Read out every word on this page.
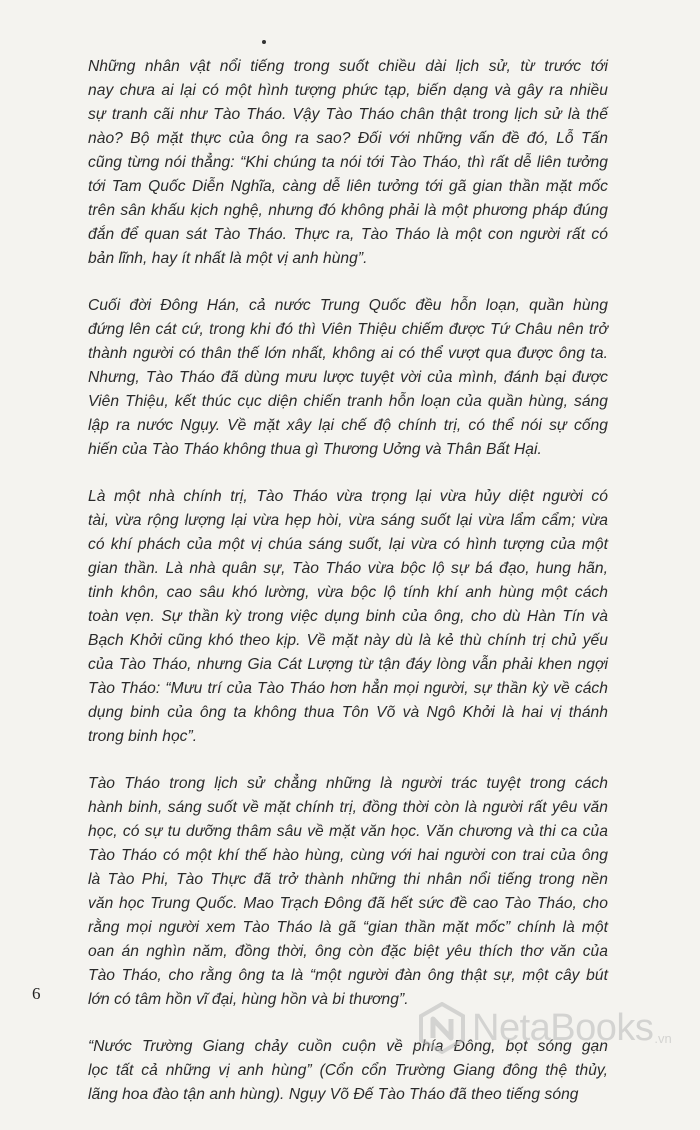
Những nhân vật nổi tiếng trong suốt chiều dài lịch sử, từ trước tới
nay chưa ai lại có một hình tượng phức tạp, biến dạng và gây ra nhiều
sự tranh cãi như Tào Tháo. Vậy Tào Tháo chân thật trong lịch sử là thế
nào? Bộ mặt thực của ông ra sao? Đối với những vấn đề đó, Lỗ Tấn
cũng từng nói thẳng: “Khi chúng ta nói tới Tào Tháo, thì rất dễ liên tưởng
tới Tam Quốc Diễn Nghĩa, càng dễ liên tưởng tới gã gian thần mặt mốc
trên sân khấu kịch nghệ, nhưng đó không phải là một phương pháp đúng
đắn để quan sát Tào Tháo. Thực ra, Tào Tháo là một con người rất có
bản lĩnh, hay ít nhất là một vị anh hùng”.
Cuối đời Đông Hán, cả nước Trung Quốc đều hỗn loạn, quần hùng
đứng lên cát cứ, trong khi đó thì Viên Thiệu chiếm được Tứ Châu nên trở
thành người có thân thế lớn nhất, không ai có thể vượt qua được ông ta.
Nhưng, Tào Tháo đã dùng mưu lược tuyệt vời của mình, đánh bại được
Viên Thiệu, kết thúc cục diện chiến tranh hỗn loạn của quần hùng, sáng
lập ra nước Ngụy. Về mặt xây lại chế độ chính trị, có thể nói sự cống
hiến của Tào Tháo không thua gì Thương Uởng và Thân Bất Hại.
Là một nhà chính trị, Tào Tháo vừa trọng lại vừa hủy diệt người có
tài, vừa rộng lượng lại vừa hẹp hòi, vừa sáng suốt lại vừa lẩm cẩm; vừa
có khí phách của một vị chúa sáng suốt, lại vừa có hình tượng của một
gian thần. Là nhà quân sự, Tào Tháo vừa bộc lộ sự bá đạo, hung hãn,
tinh khôn, cao sâu khó lường, vừa bộc lộ tính khí anh hùng một cách
toàn vẹn. Sự thần kỳ trong việc dụng binh của ông, cho dù Hàn Tín và
Bạch Khởi cũng khó theo kịp. Về mặt này dù là kẻ thù chính trị chủ yếu
của Tào Tháo, nhưng Gia Cát Lượng từ tận đáy lòng vẫn phải khen ngợi
Tào Tháo: “Mưu trí của Tào Tháo hơn hẳn mọi người, sự thần kỳ về cách
dụng binh của ông ta không thua Tôn Võ và Ngô Khởi là hai vị thánh
trong binh học”.
Tào Tháo trong lịch sử chẳng những là người trác tuyệt trong cách
hành binh, sáng suốt về mặt chính trị, đồng thời còn là người rất yêu văn
học, có sự tu dưỡng thâm sâu về mặt văn học. Văn chương và thi ca của
Tào Tháo có một khí thế hào hùng, cùng với hai người con trai của ông
là Tào Phi, Tào Thực đã trở thành những thi nhân nổi tiếng trong nền
văn học Trung Quốc. Mao Trạch Đông đã hết sức đề cao Tào Tháo, cho
rằng mọi người xem Tào Tháo là gã “gian thần mặt mốc” chính là một
oan án nghìn năm, đồng thời, ông còn đặc biệt yêu thích thơ văn của
Tào Tháo, cho rằng ông ta là “một người đàn ông thật sự, một cây bút
lớn có tâm hồn vĩ đại, hùng hồn và bi thương”.
“Nước Trường Giang chảy cuồn cuộn về phía Đông, bọt sóng gạn
lọc tất cả những vị anh hùng” (Cổn cổn Trường Giang đông thệ thủy,
lãng hoa đào tận anh hùng). Ngụy Võ Đế Tào Tháo đã theo tiếng sóng
6
NetaBooks .vn
